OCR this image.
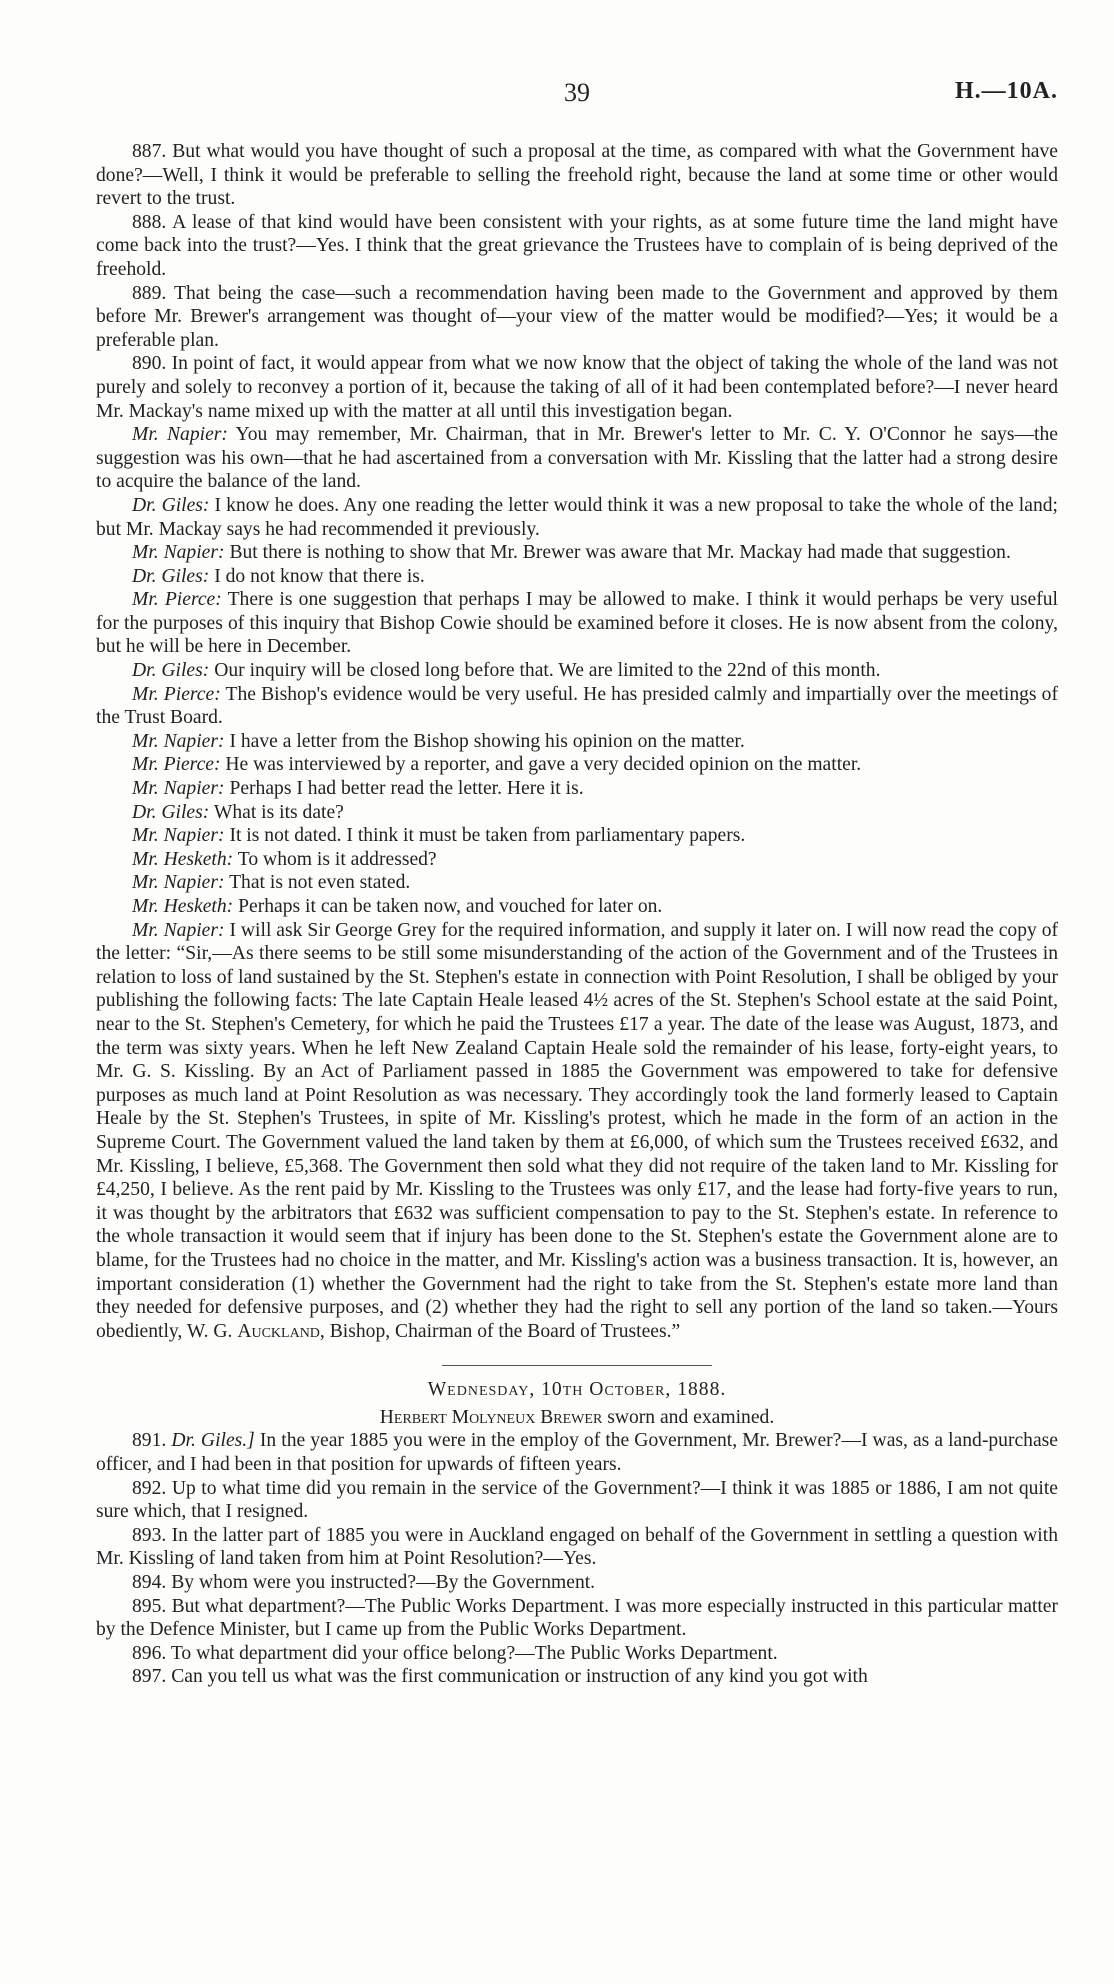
39	H.—10A.

887. But what would you have thought of such a proposal at the time, as compared with what the Government have done?—Well, I think it would be preferable to selling the freehold right, because the land at some time or other would revert to the trust.

888. A lease of that kind would have been consistent with your rights, as at some future time the land might have come back into the trust?—Yes. I think that the great grievance the Trustees have to complain of is being deprived of the freehold.

889. That being the case—such a recommendation having been made to the Government and approved by them before Mr. Brewer's arrangement was thought of—your view of the matter would be modified?—Yes; it would be a preferable plan.

890. In point of fact, it would appear from what we now know that the object of taking the whole of the land was not purely and solely to reconvey a portion of it, because the taking of all of it had been contemplated before?—I never heard Mr. Mackay's name mixed up with the matter at all until this investigation began.

Mr. Napier: You may remember, Mr. Chairman, that in Mr. Brewer's letter to Mr. C. Y. O'Connor he says—the suggestion was his own—that he had ascertained from a conversation with Mr. Kissling that the latter had a strong desire to acquire the balance of the land.

Dr. Giles: I know he does. Any one reading the letter would think it was a new proposal to take the whole of the land; but Mr. Mackay says he had recommended it previously.

Mr. Napier: But there is nothing to show that Mr. Brewer was aware that Mr. Mackay had made that suggestion.

Dr. Giles: I do not know that there is.

Mr. Pierce: There is one suggestion that perhaps I may be allowed to make. I think it would perhaps be very useful for the purposes of this inquiry that Bishop Cowie should be examined before it closes. He is now absent from the colony, but he will be here in December.

Dr. Giles: Our inquiry will be closed long before that. We are limited to the 22nd of this month.

Mr. Pierce: The Bishop's evidence would be very useful. He has presided calmly and impartially over the meetings of the Trust Board.

Mr. Napier: I have a letter from the Bishop showing his opinion on the matter.

Mr. Pierce: He was interviewed by a reporter, and gave a very decided opinion on the matter.

Mr. Napier: Perhaps I had better read the letter. Here it is.

Dr. Giles: What is its date?

Mr. Napier: It is not dated. I think it must be taken from parliamentary papers.

Mr. Hesketh: To whom is it addressed?

Mr. Napier: That is not even stated.

Mr. Hesketh: Perhaps it can be taken now, and vouched for later on.

Mr. Napier: I will ask Sir George Grey for the required information, and supply it later on. I will now read the copy of the letter: “Sir,—As there seems to be still some misunderstanding of the action of the Government and of the Trustees in relation to loss of land sustained by the St. Stephen's estate in connection with Point Resolution, I shall be obliged by your publishing the following facts: The late Captain Heale leased 4½ acres of the St. Stephen's School estate at the said Point, near to the St. Stephen's Cemetery, for which he paid the Trustees £17 a year. The date of the lease was August, 1873, and the term was sixty years. When he left New Zealand Captain Heale sold the remainder of his lease, forty-eight years, to Mr. G. S. Kissling. By an Act of Parliament passed in 1885 the Government was empowered to take for defensive purposes as much land at Point Resolution as was necessary. They accordingly took the land formerly leased to Captain Heale by the St. Stephen's Trustees, in spite of Mr. Kissling's protest, which he made in the form of an action in the Supreme Court. The Government valued the land taken by them at £6,000, of which sum the Trustees received £632, and Mr. Kissling, I believe, £5,368. The Government then sold what they did not require of the taken land to Mr. Kissling for £4,250, I believe. As the rent paid by Mr. Kissling to the Trustees was only £17, and the lease had forty-five years to run, it was thought by the arbitrators that £632 was sufficient compensation to pay to the St. Stephen's estate. In reference to the whole transaction it would seem that if injury has been done to the St. Stephen's estate the Government alone are to blame, for the Trustees had no choice in the matter, and Mr. Kissling's action was a business transaction. It is, however, an important consideration (1) whether the Government had the right to take from the St. Stephen's estate more land than they needed for defensive purposes, and (2) whether they had the right to sell any portion of the land so taken.—Yours obediently, W. G. Auckland, Bishop, Chairman of the Board of Trustees.”

Wednesday, 10th October, 1888.

Herbert Molyneux Brewer sworn and examined.

891. Dr. Giles.] In the year 1885 you were in the employ of the Government, Mr. Brewer?—I was, as a land-purchase officer, and I had been in that position for upwards of fifteen years.

892. Up to what time did you remain in the service of the Government?—I think it was 1885 or 1886, I am not quite sure which, that I resigned.

893. In the latter part of 1885 you were in Auckland engaged on behalf of the Government in settling a question with Mr. Kissling of land taken from him at Point Resolution?—Yes.

894. By whom were you instructed?—By the Government.

895. But what department?—The Public Works Department. I was more especially instructed in this particular matter by the Defence Minister, but I came up from the Public Works Department.

896. To what department did your office belong?—The Public Works Department.

897. Can you tell us what was the first communication or instruction of any kind you got with
